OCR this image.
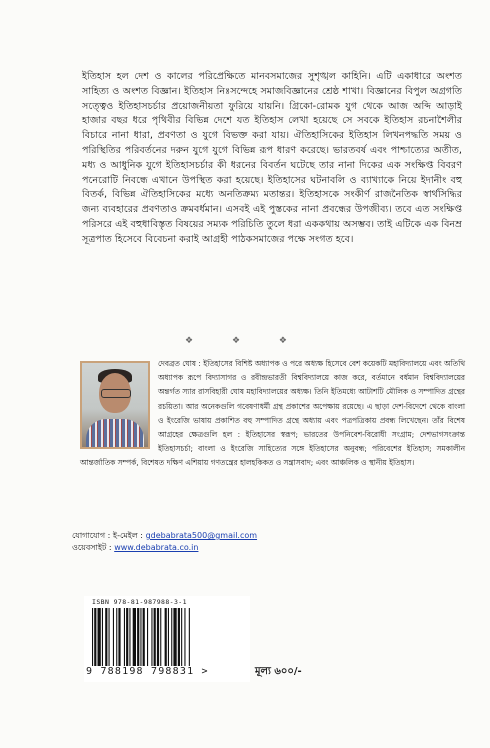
ইতিহাস হল দেশ ও কালের পরিপ্রেক্ষিতে মানবসমাজের সুশৃঙ্খল কাহিনি। এটি একাধারে অংশত সাহিত্য ও অংশত বিজ্ঞান। ইতিহাস নিঃসন্দেহে সমাজবিজ্ঞানের শ্রেষ্ঠ শাখা। বিজ্ঞানের বিপুল অগ্রগতি সত্ত্বেও ইতিহাসচর্চার প্রয়োজনীয়তা ফুরিয়ে যায়নি। গ্রিকো-রোমক যুগ থেকে আজ অব্দি আড়াই হাজার বছর ধরে পৃথিবীর বিভিন্ন দেশে যত ইতিহাস লেখা হয়েছে সে সবকে ইতিহাস রচনাশৈলীর বিচারে নানা ধারা, প্রবণতা ও যুগে বিভক্ত করা যায়। ঐতিহাসিকের ইতিহাস লিখনপদ্ধতি সময় ও পরিস্থিতির পরিবর্তনের দরুন যুগে যুগে বিভিন্ন রূপ ধারণ করেছে। ভারতবর্ষ এবং পাশ্চাত্যের অতীত, মধ্য ও আধুনিক যুগে ইতিহাসচর্চার কী ধরনের বিবর্তন ঘটেছে তার নানা দিকের এক সংক্ষিপ্ত বিবরণ পনেরোটি নিবন্ধে এখানে উপস্থিত করা হয়েছে। ইতিহাসের ঘটনাবলি ও ব্যাখ্যাকে নিয়ে ইদানীং বহু বিতর্ক, বিভিন্ন ঐতিহাসিকের মধ্যে অনতিক্রম্য মতান্তর। ইতিহাসকে সংকীর্ণ রাজনৈতিক স্বার্থসিদ্ধির জন্য ব্যবহারের প্রবণতাও ক্রমবর্ধমান। এসবই এই পুস্তকের নানা প্রবন্ধের উপজীব্য। তবে এত সংক্ষিপ্ত পরিসরে এই বহুধাবিস্তৃত বিষয়ের সম্যক পরিচিতি তুলে ধরা এককথায় অসম্ভব। তাই এটিকে এক বিনম্র সূত্রপাত হিসেবে বিবেচনা করাই আগ্রহী পাঠকসমাজের পক্ষে সংগত হবে।

❖ ❖ ❖

দেবব্রত ঘোষ : ইতিহাসের বিশিষ্ট অধ্যাপক ও পরে অধ্যক্ষ হিসেবে বেশ কয়েকটি মহাবিদ্যালয়ে এবং অতিথি অধ্যাপক রূপে বিদ্যাসাগর ও রবীন্দ্রভারতী বিশ্ববিদ্যালয়ে কাজ করে, বর্তমানে বর্ধমান বিশ্ববিদ্যালয়ের অন্তর্গত স্যার রাসবিহারী ঘোষ মহাবিদ্যালয়ের অধ্যক্ষ। তিনি ইতিমধ্যে আটাশটি মৌলিক ও সম্পাদিত গ্রন্থের রচয়িতা। আর অনেকগুলি গবেষণাধর্মী গ্রন্থ প্রকাশের অপেক্ষায় রয়েছে। এ ছাড়া দেশ-বিদেশে থেকে বাংলা ও ইংরেজি ভাষায় প্রকাশিত বহু সম্পাদিত গ্রন্থে অধ্যায় এবং পত্রপত্রিকায় প্রবন্ধ লিখেছেন। তাঁর বিশেষ আগ্রহের ক্ষেত্রগুলি হল : ইতিহাসের স্বরূপ; ভারতের উপনিবেশ-বিরোধী সংগ্রাম; দেশভাগসংক্রান্ত ইতিহাসচর্চা; বাংলা ও ইংরেজি সাহিত্যের সঙ্গে ইতিহাসের অনুবন্ধ; পরিবেশের ইতিহাস; সমকালীন আন্তর্জাতিক সম্পর্ক, বিশেষত দক্ষিণ এশিয়ায় গণতন্ত্রের হালহকিকত ও সন্ত্রাসবাদ; এবং আঞ্চলিক ও স্থানীয় ইতিহাস।

যোগাযোগ : ই-মেইল : gdebabrata500@gmail.com
ওয়েবসাইট : www.debabrata.co.in
ISBN 978-81-987988-3-1
9 788198 798831 >	মূল্য ৬০০/-
